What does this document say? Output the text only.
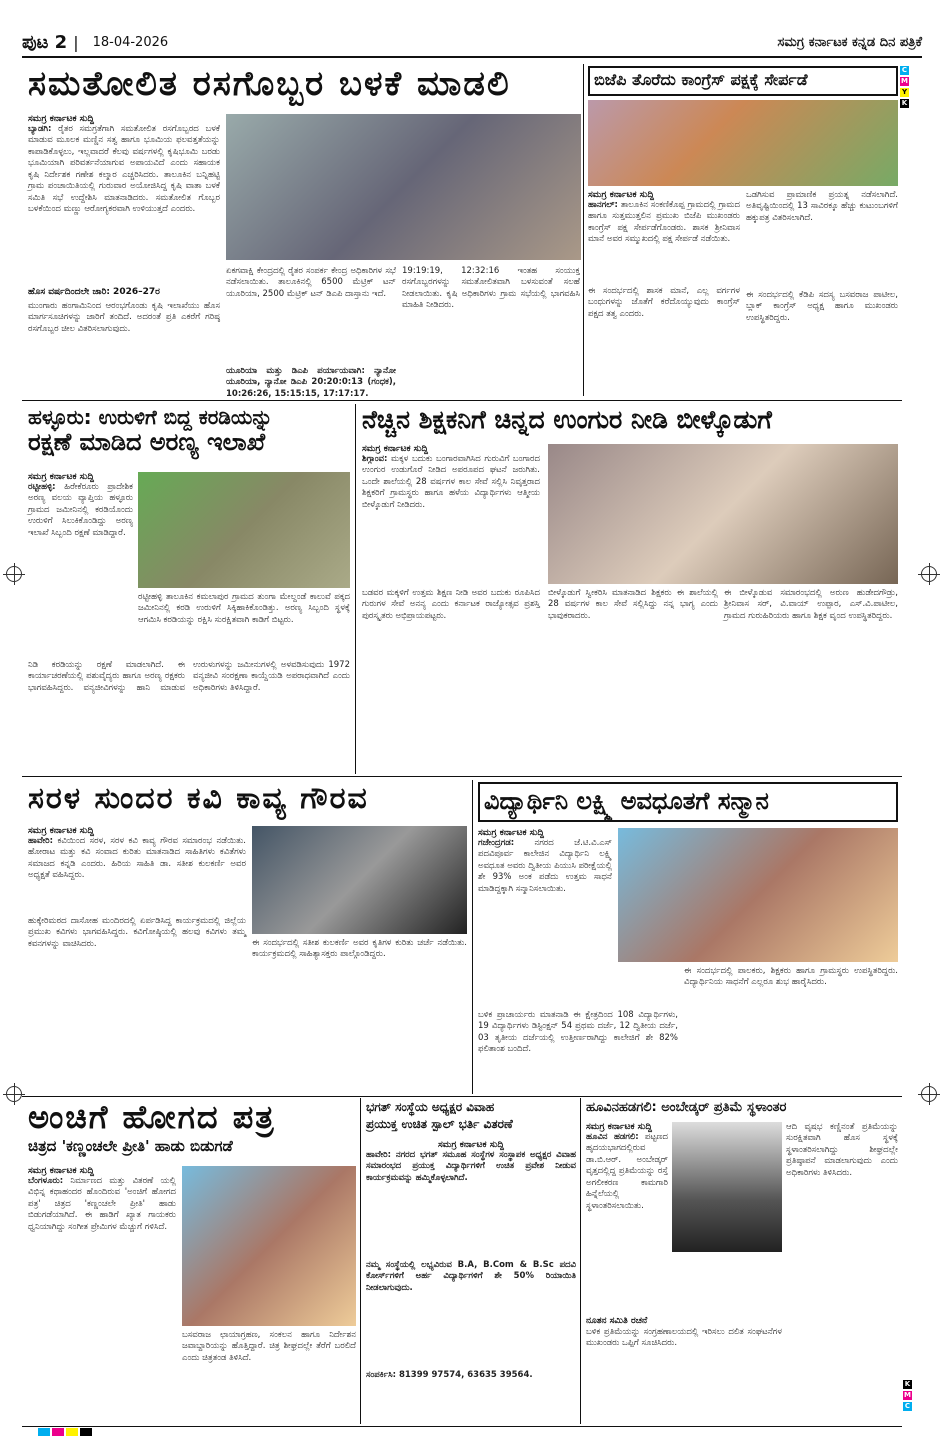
ಪುಟ 2 | 18-04-2026	ಸಮಗ್ರ ಕರ್ನಾಟಕ ಕನ್ನಡ ದಿನ ಪತ್ರಿಕೆ
C
M
Y
K
K
M
C
ಸಮತೋಲಿತ ರಸಗೊಬ್ಬರ ಬಳಕೆ ಮಾಡಲಿ
ಸಮಗ್ರ ಕರ್ನಾಟಕ ಸುದ್ದಿ
ಬ್ಯಾಡಗಿ: ರೈತರ ಸಮಗ್ರತೆಗಾಗಿ ಸಮತೋಲಿತ ರಸಗೊಬ್ಬರದ ಬಳಕೆ ಮಾಡುವ ಮೂಲಕ ಮಣ್ಣಿನ ಸತ್ವ ಹಾಗೂ ಭೂಮಿಯ ಫಲವತ್ತತೆಯನ್ನು ಕಾಪಾಡಿಕೊಳ್ಳಲು, ಇಲ್ಲವಾದರೆ ಕೆಲವು ವರ್ಷಗಳಲ್ಲಿ ಕೃಷಿಭೂಮಿ ಬರಡು ಭೂಮಿಯಾಗಿ ಪರಿವರ್ತನೆಯಾಗುವ ಅಪಾಯವಿದೆ ಎಂದು ಸಹಾಯಕ ಕೃಷಿ ನಿರ್ದೇಶಕ ಗಣೇಶ ಕಲ್ಮಾರ ಎಚ್ಚರಿಸಿದರು. ತಾಲೂಕಿನ ಬನ್ನಿಹಟ್ಟಿ ಗ್ರಾಮ ಪಂಚಾಯಿತಿಯಲ್ಲಿ ಗುರುವಾರ ಅಯೋಜಿಸಿದ್ದ ಕೃಷಿ ವಾತಾ ಬಳಕೆ ಸಮಿತಿ ಸಭೆ ಉದ್ದೇಶಿಸಿ ಮಾತನಾಡಿದರು. ಸಮತೋಲಿತ ಗೊಬ್ಬರ ಬಳಕೆಯಿಂದ ಮಣ್ಣು ಆರೋಗ್ಯಕರವಾಗಿ ಉಳಿಯುತ್ತದೆ ಎಂದರು.
ಹೊಸ ವರ್ಷದಿಂದಲೇ ಜಾರಿ: 2026–27ರ
ಮುಂಗಾರು ಹಂಗಾಮಿನಿಂದ ಆರಂಭಗೊಂಡು ಕೃಷಿ ಇಲಾಖೆಯು ಹೊಸ ಮಾರ್ಗಸೂಚಿಗಳನ್ನು ಜಾರಿಗೆ ತಂದಿದೆ. ಅದರಂತೆ ಪ್ರತಿ ಎಕರೆಗೆ ಗರಿಷ್ಠ ರಸಗೊಬ್ಬರ ಚೀಲ ವಿತರಿಸಲಾಗುವುದು.
ಏಕಗವಾಕ್ಷಿ ಕೇಂದ್ರದಲ್ಲಿ ರೈತರ ಸಂಪರ್ಕ ಕೇಂದ್ರ ಅಧಿಕಾರಿಗಳ ಸಭೆ ನಡೆಸಲಾಯಿತು. ತಾಲೂಕಿನಲ್ಲಿ 6500 ಮೆಟ್ರಿಕ್ ಟನ್ ಯೂರಿಯಾ, 2500 ಮೆಟ್ರಿಕ್ ಟನ್ ಡಿಎಪಿ ದಾಸ್ತಾನು ಇದೆ.
ಯೂರಿಯಾ ಮತ್ತು ಡಿಎಪಿ ಪರ್ಯಾಯವಾಗಿ: ನ್ಯಾನೋ ಯೂರಿಯಾ, ನ್ಯಾನೋ ಡಿಎಪಿ 20:20:0:13 (ಗಂಧಕ), 10:26:26, 15:15:15, 17:17:17.
19:19:19, 12:32:16 ಇಂತಹ ಸಂಯುಕ್ತ ರಸಗೊಬ್ಬರಗಳನ್ನು ಸಮತೋಲಿತವಾಗಿ ಬಳಸುವಂತೆ ಸಲಹೆ ನೀಡಲಾಯಿತು. ಕೃಷಿ ಅಧಿಕಾರಿಗಳು ಗ್ರಾಮ ಸಭೆಯಲ್ಲಿ ಭಾಗವಹಿಸಿ ಮಾಹಿತಿ ನೀಡಿದರು.
ಬಿಜೆಪಿ ತೊರೆದು ಕಾಂಗ್ರೆಸ್ ಪಕ್ಷಕ್ಕೆ ಸೇರ್ಪಡೆ
ಸಮಗ್ರ ಕರ್ನಾಟಕ ಸುದ್ದಿ
ಹಾನಗಲ್: ತಾಲೂಕಿನ ಸಂಕಣಿಕೊಪ್ಪ ಗ್ರಾಮದಲ್ಲಿ ಗ್ರಾಮದ ಹಾಗೂ ಸುತ್ತಮುತ್ತಲಿನ ಪ್ರಮುಖ ಬಿಜೆಪಿ ಮುಖಂಡರು ಕಾಂಗ್ರೆಸ್ ಪಕ್ಷ ಸೇರ್ಪಡೆಗೊಂಡರು. ಶಾಸಕ ಶ್ರೀನಿವಾಸ ಮಾನೆ ಅವರ ಸಮ್ಮುಖದಲ್ಲಿ ಪಕ್ಷ ಸೇರ್ಪಡೆ ನಡೆಯಿತು.
ಈ ಸಂದರ್ಭದಲ್ಲಿ ಶಾಸಕ ಮಾನೆ, ಎಲ್ಲ ವರ್ಗಗಳ ಬಂಧುಗಳನ್ನು ಜೊತೆಗೆ ಕರೆದೊಯ್ಯುವುದು ಕಾಂಗ್ರೆಸ್ ಪಕ್ಷದ ತತ್ವ ಎಂದರು.
ಒಡಗಿಸುವ ಪ್ರಾಮಾಣಿಕ ಪ್ರಯತ್ನ ನಡೆಸಲಾಗಿದೆ. ಅತಿವೃಷ್ಟಿಯಿಂದಲ್ಲಿ 13 ಸಾವಿರಕ್ಕೂ ಹೆಚ್ಚು ಕುಟುಂಬಗಳಿಗೆ ಹಕ್ಕುಪತ್ರ ವಿತರಿಸಲಾಗಿದೆ.
ಈ ಸಂದರ್ಭದಲ್ಲಿ ಕೆಡಿಪಿ ಸದಸ್ಯ ಬಸವರಾಜ ಪಾಟೀಲ, ಬ್ಲಾಕ್ ಕಾಂಗ್ರೆಸ್ ಅಧ್ಯಕ್ಷ ಹಾಗೂ ಮುಖಂಡರು ಉಪಸ್ಥಿತರಿದ್ದರು.
ಹಳ್ಳೂರು: ಉರುಳಿಗೆ ಬಿದ್ದ ಕರಡಿಯನ್ನು
ರಕ್ಷಣೆ ಮಾಡಿದ ಅರಣ್ಯ ಇಲಾಖೆ
ಸಮಗ್ರ ಕರ್ನಾಟಕ ಸುದ್ದಿ
ರಟ್ಟೀಹಳ್ಳಿ: ಹಿರೇಕೆರೂರು ಪ್ರಾದೇಶಿಕ ಅರಣ್ಯ ವಲಯ ವ್ಯಾಪ್ತಿಯ ಹಳ್ಳೂರು ಗ್ರಾಮದ ಜಮೀನಿನಲ್ಲಿ ಕರಡಿಯೊಂದು ಉರುಳಿಗೆ ಸಿಲುಕಿಕೊಂಡಿದ್ದು ಅರಣ್ಯ ಇಲಾಖೆ ಸಿಬ್ಬಂದಿ ರಕ್ಷಣೆ ಮಾಡಿದ್ದಾರೆ.
ರಟ್ಟೀಹಳ್ಳಿ ತಾಲೂಕಿನ ಕಮಲಾಪುರ ಗ್ರಾಮದ ತುಂಗಾ ಮೇಲ್ದಂಡೆ ಕಾಲುವೆ ಪಕ್ಕದ ಜಮೀನಿನಲ್ಲಿ ಕರಡಿ ಉರುಳಿಗೆ ಸಿಕ್ಕಿಹಾಕಿಕೊಂಡಿತ್ತು. ಅರಣ್ಯ ಸಿಬ್ಬಂದಿ ಸ್ಥಳಕ್ಕೆ ಆಗಮಿಸಿ ಕರಡಿಯನ್ನು ರಕ್ಷಿಸಿ ಸುರಕ್ಷಿತವಾಗಿ ಕಾಡಿಗೆ ಬಿಟ್ಟರು.
ನಿಡಿ ಕರಡಿಯನ್ನು ರಕ್ಷಣೆ ಮಾಡಲಾಗಿದೆ. ಈ ಕಾರ್ಯಾಚರಣೆಯಲ್ಲಿ ಪಶುವೈದ್ಯರು ಹಾಗೂ ಅರಣ್ಯ ರಕ್ಷಕರು ಭಾಗವಹಿಸಿದ್ದರು. ವನ್ಯಜೀವಿಗಳನ್ನು ಹಾನಿ ಮಾಡುವ ಉರುಳುಗಳನ್ನು ಜಮೀನುಗಳಲ್ಲಿ ಅಳವಡಿಸುವುದು 1972 ವನ್ಯಜೀವಿ ಸಂರಕ್ಷಣಾ ಕಾಯ್ದೆಯಡಿ ಅಪರಾಧವಾಗಿದೆ ಎಂದು ಅಧಿಕಾರಿಗಳು ತಿಳಿಸಿದ್ದಾರೆ.
ನೆಚ್ಚಿನ ಶಿಕ್ಷಕನಿಗೆ ಚಿನ್ನದ ಉಂಗುರ ನೀಡಿ ಬೀಳ್ಕೊಡುಗೆ
ಸಮಗ್ರ ಕರ್ನಾಟಕ ಸುದ್ದಿ
ಶಿಗ್ಗಾಂವ: ಮಕ್ಕಳ ಬದುಕು ಬಂಗಾರವಾಗಿಸಿದ ಗುರುವಿಗೆ ಬಂಗಾರದ ಉಂಗುರ ಉಡುಗೊರೆ ನೀಡಿದ ಅಪರೂಪದ ಘಟನೆ ಜರುಗಿತು. ಒಂದೇ ಶಾಲೆಯಲ್ಲಿ 28 ವರ್ಷಗಳ ಕಾಲ ಸೇವೆ ಸಲ್ಲಿಸಿ ನಿವೃತ್ತರಾದ ಶಿಕ್ಷಕರಿಗೆ ಗ್ರಾಮಸ್ಥರು ಹಾಗೂ ಹಳೆಯ ವಿದ್ಯಾರ್ಥಿಗಳು ಆತ್ಮೀಯ ಬೀಳ್ಕೊಡುಗೆ ನೀಡಿದರು.
ಬಡವರ ಮಕ್ಕಳಿಗೆ ಉತ್ತಮ ಶಿಕ್ಷಣ ನೀಡಿ ಅವರ ಬದುಕು ರೂಪಿಸಿದ ಗುರುಗಳ ಸೇವೆ ಅನನ್ಯ ಎಂದು ಕರ್ನಾಟಕ ರಾಜ್ಯೋತ್ಸವ ಪ್ರಶಸ್ತಿ ಪುರಸ್ಕೃತರು ಅಭಿಪ್ರಾಯಪಟ್ಟರು.
ಬೀಳ್ಕೊಡುಗೆ ಸ್ವೀಕರಿಸಿ ಮಾತನಾಡಿದ ಶಿಕ್ಷಕರು ಈ ಶಾಲೆಯಲ್ಲಿ 28 ವರ್ಷಗಳ ಕಾಲ ಸೇವೆ ಸಲ್ಲಿಸಿದ್ದು ನನ್ನ ಭಾಗ್ಯ ಎಂದು ಭಾವುಕರಾದರು.
ಈ ಬೀಳ್ಕೊಡುವ ಸಮಾರಂಭದಲ್ಲಿ ಅರುಣ ಹುಡೇದಗೌಡ್ರು, ಶ್ರೀನಿವಾಸ ಸರ್, ವಿ.ವಾಯ್ ಉಪ್ಪಾರ, ಎಸ್.ವಿ.ಪಾಟೀಲ, ಗ್ರಾಮದ ಗುರುಹಿರಿಯರು ಹಾಗೂ ಶಿಕ್ಷಕ ವೃಂದ ಉಪಸ್ಥಿತರಿದ್ದರು.
ಸರಳ ಸುಂದರ ಕವಿ ಕಾವ್ಯ ಗೌರವ
ಸಮಗ್ರ ಕರ್ನಾಟಕ ಸುದ್ದಿ
ಹಾವೇರಿ: ಕವಿಯಿಂದ ಸರಳ, ಸರಳ ಕವಿ ಕಾವ್ಯ ಗೌರವ ಸಮಾರಂಭ ನಡೆಯಿತು. ಹೋರಾಟ ಮತ್ತು ಕವಿ ಸಂವಾದ ಕುರಿತು ಮಾತನಾಡಿದ ಸಾಹಿತಿಗಳು ಕವಿತೆಗಳು ಸಮಾಜದ ಕನ್ನಡಿ ಎಂದರು. ಹಿರಿಯ ಸಾಹಿತಿ ಡಾ. ಸತೀಶ ಕುಲಕರ್ಣಿ ಅವರ ಅಧ್ಯಕ್ಷತೆ ವಹಿಸಿದ್ದರು.
ಹುಕ್ಕೇರಿಮಠದ ದಾಸೋಹ ಮಂದಿರದಲ್ಲಿ ಏರ್ಪಡಿಸಿದ್ದ ಕಾರ್ಯಕ್ರಮದಲ್ಲಿ ಜಿಲ್ಲೆಯ ಪ್ರಮುಖ ಕವಿಗಳು ಭಾಗವಹಿಸಿದ್ದರು. ಕವಿಗೋಷ್ಠಿಯಲ್ಲಿ ಹಲವು ಕವಿಗಳು ತಮ್ಮ ಕವನಗಳನ್ನು ವಾಚಿಸಿದರು.	ಈ ಸಂದರ್ಭದಲ್ಲಿ ಸತೀಶ ಕುಲಕರ್ಣಿ ಅವರ ಕೃತಿಗಳ ಕುರಿತು ಚರ್ಚೆ ನಡೆಯಿತು. ಕಾರ್ಯಕ್ರಮದಲ್ಲಿ ಸಾಹಿತ್ಯಾಸಕ್ತರು ಪಾಲ್ಗೊಂಡಿದ್ದರು.
ವಿದ್ಯಾರ್ಥಿನಿ ಲಕ್ಷ್ಮಿ ಅವಧೂತಗೆ ಸನ್ಮಾನ
ಸಮಗ್ರ ಕರ್ನಾಟಕ ಸುದ್ದಿ
ಗಜೇಂದ್ರಗಡ: ನಗರದ ಜೆ.ಟಿ.ವಿ.ಎಸ್ ಪದವಿಪೂರ್ವ ಕಾಲೇಜಿನ ವಿದ್ಯಾರ್ಥಿನಿ ಲಕ್ಷ್ಮಿ ಅವಧೂತ ಅವರು ದ್ವಿತೀಯ ಪಿಯುಸಿ ಪರೀಕ್ಷೆಯಲ್ಲಿ ಶೇ 93% ಅಂಕ ಪಡೆದು ಉತ್ತಮ ಸಾಧನೆ ಮಾಡಿದ್ದಕ್ಕಾಗಿ ಸನ್ಮಾನಿಸಲಾಯಿತು.
ಬಳಿಕ ಪ್ರಾಚಾರ್ಯರು ಮಾತನಾಡಿ ಈ ಕ್ಷೇತ್ರದಿಂದ 108 ವಿದ್ಯಾರ್ಥಿಗಳು, 19 ವಿದ್ಯಾರ್ಥಿಗಳು ಡಿಸ್ಟಿಂಕ್ಷನ್ 54 ಪ್ರಥಮ ದರ್ಜೆ, 12 ದ್ವಿತೀಯ ದರ್ಜೆ, 03 ತೃತೀಯ ದರ್ಜೆಯಲ್ಲಿ ಉತ್ತೀರ್ಣರಾಗಿದ್ದು ಕಾಲೇಜಿಗೆ ಶೇ 82% ಫಲಿತಾಂಶ ಬಂದಿದೆ.
ಈ ಸಂದರ್ಭದಲ್ಲಿ ಪಾಲಕರು, ಶಿಕ್ಷಕರು ಹಾಗೂ ಗ್ರಾಮಸ್ಥರು ಉಪಸ್ಥಿತರಿದ್ದರು. ವಿದ್ಯಾರ್ಥಿನಿಯ ಸಾಧನೆಗೆ ಎಲ್ಲರೂ ಶುಭ ಹಾರೈಸಿದರು.
ಅಂಚಿಗೆ ಹೋಗದ ಪತ್ರ
ಚಿತ್ರದ 'ಕಣ್ಣಂಚಲೇ ಪ್ರೀತಿ' ಹಾಡು ಬಿಡುಗಡೆ
ಸಮಗ್ರ ಕರ್ನಾಟಕ ಸುದ್ದಿ
ಬೆಂಗಳೂರು: ನಿರ್ಮಾಣದ ಮತ್ತು ವಿತರಣೆ ಯಲ್ಲಿ ವಿಭಿನ್ನ ಕಥಾಹಂದರ ಹೊಂದಿರುವ 'ಅಂಚಿಗೆ ಹೋಗದ ಪತ್ರ' ಚಿತ್ರದ 'ಕಣ್ಣಂಚಲೇ ಪ್ರೀತಿ' ಹಾಡು ಬಿಡುಗಡೆಯಾಗಿದೆ. ಈ ಹಾಡಿಗೆ ಖ್ಯಾತ ಗಾಯಕರು ಧ್ವನಿಯಾಗಿದ್ದು ಸಂಗೀತ ಪ್ರೇಮಿಗಳ ಮೆಚ್ಚುಗೆ ಗಳಿಸಿದೆ.
ಬಸವರಾಜ ಛಾಯಾಗ್ರಹಣ, ಸಂಕಲನ ಹಾಗೂ ನಿರ್ದೇಶನ ಜವಾಬ್ದಾರಿಯನ್ನು ಹೊತ್ತಿದ್ದಾರೆ. ಚಿತ್ರ ಶೀಘ್ರದಲ್ಲೇ ತೆರೆಗೆ ಬರಲಿದೆ ಎಂದು ಚಿತ್ರತಂಡ ತಿಳಿಸಿದೆ.
ಭಗತ್ ಸಂಸ್ಥೆಯ ಅಧ್ಯಕ್ಷರ ವಿವಾಹ
ಪ್ರಯುಕ್ತ ಉಚಿತ ಸ್ಪಾಲ್ ಭರ್ತಿ ವಿತರಣೆ
ಸಮಗ್ರ ಕರ್ನಾಟಕ ಸುದ್ದಿ
ಹಾವೇರಿ: ನಗರದ ಭಗತ್ ಸಮೂಹ ಸಂಸ್ಥೆಗಳ ಸಂಸ್ಥಾಪಕ ಅಧ್ಯಕ್ಷರ ವಿವಾಹ ಸಮಾರಂಭದ ಪ್ರಯುಕ್ತ ವಿದ್ಯಾರ್ಥಿಗಳಿಗೆ ಉಚಿತ ಪ್ರವೇಶ ನೀಡುವ ಕಾರ್ಯಕ್ರಮವನ್ನು ಹಮ್ಮಿಕೊಳ್ಳಲಾಗಿದೆ.
ನಮ್ಮ ಸಂಸ್ಥೆಯಲ್ಲಿ ಲಭ್ಯವಿರುವ B.A, B.Com & B.Sc ಪದವಿ ಕೋರ್ಸ್‌ಗಳಿಗೆ ಅರ್ಹ ವಿದ್ಯಾರ್ಥಿಗಳಿಗೆ ಶೇ 50% ರಿಯಾಯಿತಿ ನೀಡಲಾಗುವುದು.
ಸಂಪರ್ಕಿಸಿ: 81399 97574, 63635 39564.
ಹೂವಿನಹಡಗಲಿ: ಅಂಬೇಡ್ಕರ್ ಪ್ರತಿಮೆ ಸ್ಥಳಾಂತರ
ಸಮಗ್ರ ಕರ್ನಾಟಕ ಸುದ್ದಿ
ಹೂವಿನ ಹಡಗಲಿ: ಪಟ್ಟಣದ ಹೃದಯಭಾಗದಲ್ಲಿರುವ ಡಾ.ಬಿ.ಆರ್. ಅಂಬೇಡ್ಕರ್ ವೃತ್ತದಲ್ಲಿದ್ದ ಪ್ರತಿಮೆಯನ್ನು ರಸ್ತೆ ಅಗಲೀಕರಣ ಕಾಮಗಾರಿ ಹಿನ್ನೆಲೆಯಲ್ಲಿ ಸ್ಥಳಾಂತರಿಸಲಾಯಿತು.
ಆದಿ ವೃಷಭ ಕಣ್ಣಿನಂತೆ ಪ್ರತಿಮೆಯನ್ನು ಸುರಕ್ಷಿತವಾಗಿ ಹೊಸ ಸ್ಥಳಕ್ಕೆ ಸ್ಥಳಾಂತರಿಸಲಾಗಿದ್ದು ಶೀಘ್ರದಲ್ಲೇ ಪ್ರತಿಷ್ಠಾಪನೆ ಮಾಡಲಾಗುವುದು ಎಂದು ಅಧಿಕಾರಿಗಳು ತಿಳಿಸಿದರು.
ನೂತನ ಸಮಿತಿ ರಚನೆ
ಬಳಿಕ ಪ್ರತಿಮೆಯನ್ನು ಸಂಗ್ರಹಣಾಲಯದಲ್ಲಿ ಇರಿಸಲು ದಲಿತ ಸಂಘಟನೆಗಳ ಮುಖಂಡರು ಒಪ್ಪಿಗೆ ಸೂಚಿಸಿದರು.
